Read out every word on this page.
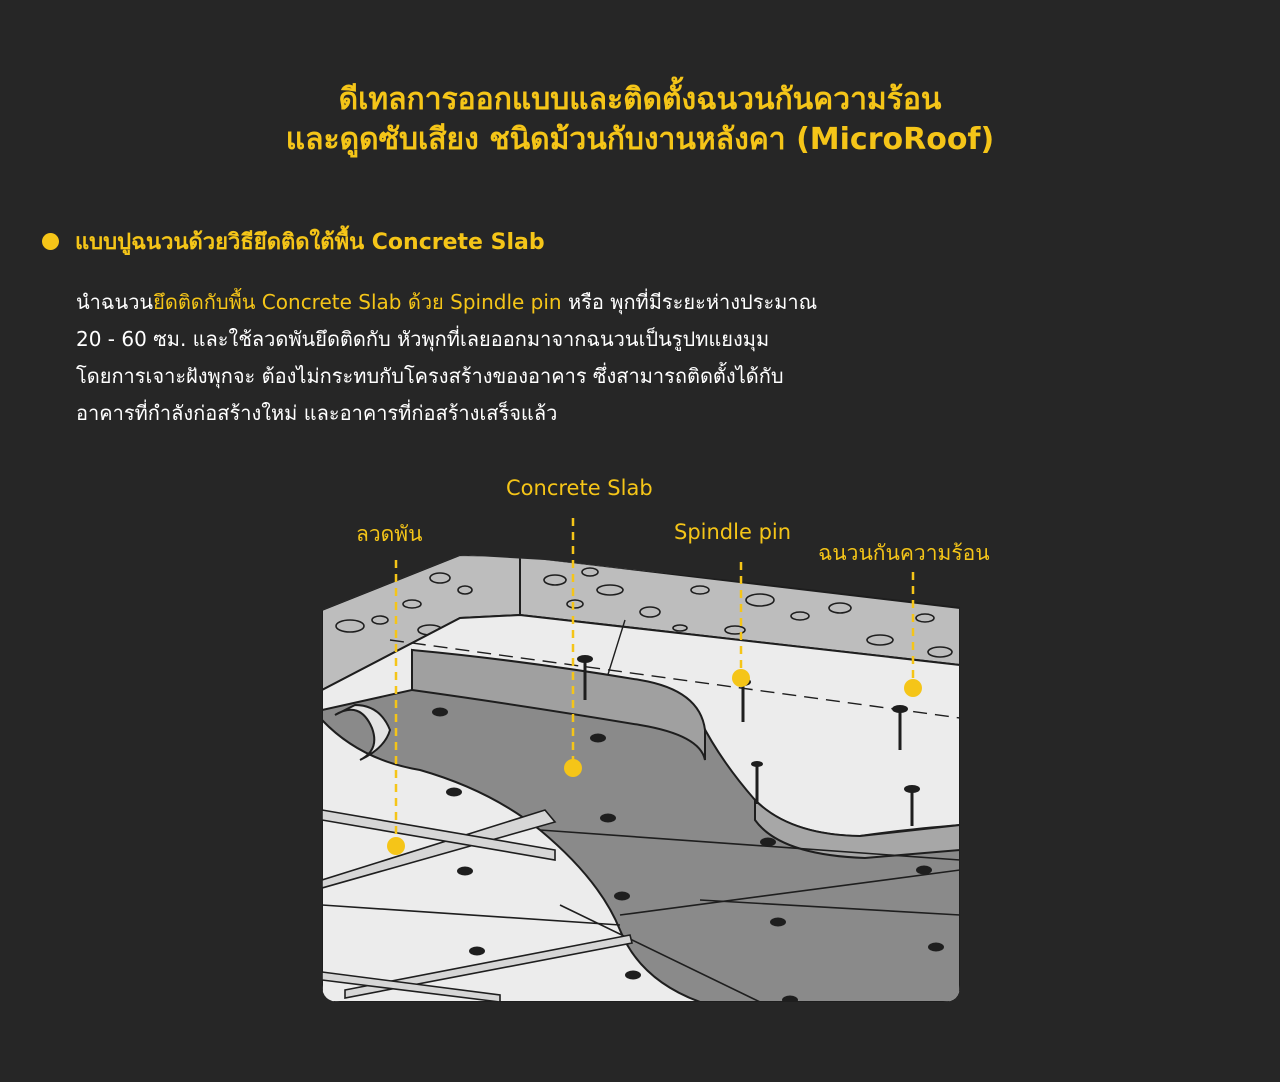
ดีเทลการออกแบบและติดตั้งฉนวนกันความร้อน
และดูดซับเสียง ชนิดม้วนกับงานหลังคา (MicroRoof)
แบบปูฉนวนด้วยวิธียึดติดใต้พื้น Concrete Slab
นำฉนวนยึดติดกับพื้น Concrete Slab ด้วย Spindle pin หรือ พุกที่มีระยะห่างประมาณ
20 - 60 ซม. และใช้ลวดพันยึดติดกับ หัวพุกที่เลยออกมาจากฉนวนเป็นรูปทแยงมุม
โดยการเจาะฝังพุกจะ ต้องไม่กระทบกับโครงสร้างของอาคาร ซึ่งสามารถติดตั้งได้กับ
อาคารที่กำลังก่อสร้างใหม่ และอาคารที่ก่อสร้างเสร็จแล้ว
ลวดพัน
Concrete Slab
Spindle pin
ฉนวนกันความร้อน
